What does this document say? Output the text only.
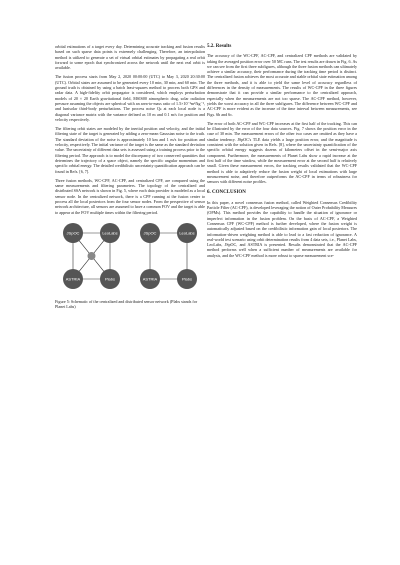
orbital estimations of a target every day. Determining accurate tracking and fusion results based on such sparse data points is extremely challenging. Therefore, an interpolation method is utilized to generate a set of virtual orbital estimates by propagating a real orbit forward to some epoch that synchronized across the network until the next real orbit is available.

The fusion process starts from May 2, 2020 00:00:00 (UTC) to May 3, 2020 20:30:00 (UTC). Orbital states are assumed to be generated every 10 min, 30 min, and 60 min. The ground truth is obtained by using a batch least-squares method to process both GPS and radar data. A high-fidelity orbit propagator is considered, which employs perturbation models of 20 × 20 Earth gravitational field, MSIS00 atmospheric drag, solar radiation pressure assuming the objects are spherical with an area-to-mass ratio of 1.5×10⁻³m²/kg⁻¹, and lunisolar third-body perturbations. The process noise Qₖ at each local node is a diagonal variance matrix with the variance defined as 10 m and 0.1 m/s for position and velocity respectively.

The filtering orbit states are modeled by the inertial position and velocity, and the initial filtering state of the target is generated by adding a zero-mean Gaussian noise to the truth. The standard deviation of the noise is approximately 10 km and 1 m/s for position and velocity, respectively. The initial variance of the target is the same as the standard deviation value. The uncertainty of different data sets is assessed using a training process prior to the filtering period. The approach is to model the discrepancy of two conserved quantities that determines the trajectory of a space object, namely the specific angular momentum and specific orbital energy. The detailed credibilistic uncertainty quantification approach can be found in Refs. [6, 7].

Three fusion methods, WC-CPF, AC-CPF, and centralized CPF, are compared using the same measurements and filtering parameters. The topology of the centralized and distributed SSA network is shown in Fig. 5, where each data provider is modeled as a local sensor node. In the centralized network, there is a CPF running at the fusion center to process all the local posteriors from the four sensor nodes. From the perspective of sensor network architecture, all sensors are assumed to have a common FOV and the target is able to appear at the FOV multiple times within the filtering period.

JSpOC	LeoLabs
ASTRIA	Plabs
JSpOC	LeoLabs
ASTRIA	Plabs

Figure 5: Schematic of the centralized and distributed sensor network (Plabs stands for Planet Labs)

5.2. Results

The accuracy of the WC-CPF, AC-CPF, and centralized CPF methods are validated by taking the averaged position error over 50 MC runs. The test results are drawn in Fig. 6. As we can see from the first three subfigures, although the three fusion methods can ultimately achieve a similar accuracy, their performance during the tracking time period is distinct. The centralized fusion achieves the most accurate and stable orbital state estimation among the three methods, and it is able to yield the same level of accuracy regardless of differences in the density of measurements. The results of WC-CPF in the three figures demonstrate that it can provide a similar performance to the centralized approach, especially when the measurements are not too sparse. The AC-CPF method, however, yields the worst accuracy in all the three subfigures. The difference between WC-CPF and AC-CPF is more evident as the increase of the time interval between measurements, see Figs. 6b and 6c.

The error of both AC-CPF and WC-CPF increases at the first half of the tracking. This can be illustrated by the error of the four data sources. Fig. 7 shows the position error in the case of 30 min. The measurement errors of the other two cases are omitted as they have a similar tendency. JSpOC's TLE data yields a large position error, and the magnitude is consistent with the solution given in Refs. [8], where the uncertainty quantification of the specific orbital energy suggests dozens of kilometers offset in the semi-major axis component. Furthermore, the measurements of Planet Labs show a rapid increase at the first half of the time window, while the measurement error at the second half is relatively small. Given these measurement errors, the tracking results validated that the WC-CPF method is able to adaptively reduce the fusion weight of local estimations with large measurement noise, and therefore outperforms the AC-CPF in terms of robustness for sensors with different noise profiles.

6. CONCLUSION

In this paper, a novel consensus fusion method, called Weighted Consensus Credibility Particle Filter (AC-CPF), is developed leveraging the notion of Outer Probability Measures (OPMs). This method provides the capability to handle the situation of ignorance or imperfect information in the fusion problem. On the basis of AC-CPF, a Weighted Consensus CPF (WC-CPF) method is further developed, where the fusion weight is automatically adjusted based on the credibilistic information gain of local posteriors. The information-driven weighting method is able to lead to a fast reduction of ignorance. A real-world test scenario using orbit determination results from 4 data sets, i.e., Planet Labs, LeoLabs, JSpOC, and ASTRIA is presented. Results demonstrated that the AC-CPF method performs well when a sufficient number of measurements are available for analysis, and the WC-CPF method is more robust to sparse measurement sce-
